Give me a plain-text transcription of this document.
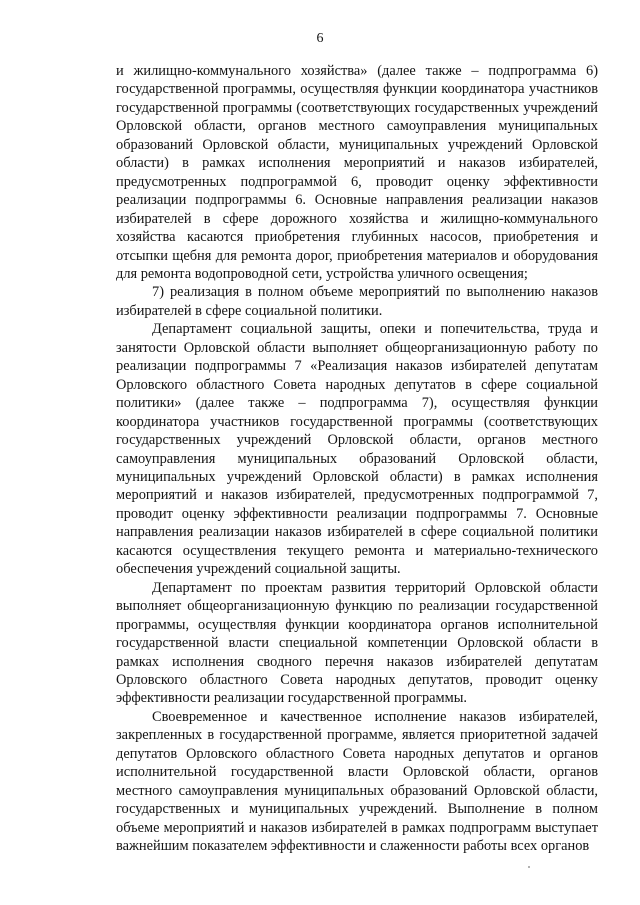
6

и жилищно-коммунального хозяйства» (далее также – подпрограмма 6) государственной программы, осуществляя функции координатора участников государственной программы (соответствующих государственных учреждений Орловской области, органов местного самоуправления муниципальных образований Орловской области, муниципальных учреждений Орловской области) в рамках исполнения мероприятий и наказов избирателей, предусмотренных подпрограммой 6, проводит оценку эффективности реализации подпрограммы 6. Основные направления реализации наказов избирателей в сфере дорожного хозяйства и жилищно-коммунального хозяйства касаются приобретения глубинных насосов, приобретения и отсыпки щебня для ремонта дорог, приобретения материалов и оборудования для ремонта водопроводной сети, устройства уличного освещения;

7) реализация в полном объеме мероприятий по выполнению наказов избирателей в сфере социальной политики.

Департамент социальной защиты, опеки и попечительства, труда и занятости Орловской области выполняет общеорганизационную работу по реализации подпрограммы 7 «Реализация наказов избирателей депутатам Орловского областного Совета народных депутатов в сфере социальной политики» (далее также – подпрограмма 7), осуществляя функции координатора участников государственной программы (соответствующих государственных учреждений Орловской области, органов местного самоуправления муниципальных образований Орловской области, муниципальных учреждений Орловской области) в рамках исполнения мероприятий и наказов избирателей, предусмотренных подпрограммой 7, проводит оценку эффективности реализации подпрограммы 7. Основные направления реализации наказов избирателей в сфере социальной политики касаются осуществления текущего ремонта и материально-технического обеспечения учреждений социальной защиты.

Департамент по проектам развития территорий Орловской области выполняет общеорганизационную функцию по реализации государственной программы, осуществляя функции координатора органов исполнительной государственной власти специальной компетенции Орловской области в рамках исполнения сводного перечня наказов избирателей депутатам Орловского областного Совета народных депутатов, проводит оценку эффективности реализации государственной программы.

Своевременное и качественное исполнение наказов избирателей, закрепленных в государственной программе, является приоритетной задачей депутатов Орловского областного Совета народных депутатов и органов исполнительной государственной власти Орловской области, органов местного самоуправления муниципальных образований Орловской области, государственных и муниципальных учреждений. Выполнение в полном объеме мероприятий и наказов избирателей в рамках подпрограмм выступает важнейшим показателем эффективности и слаженности работы всех органов
